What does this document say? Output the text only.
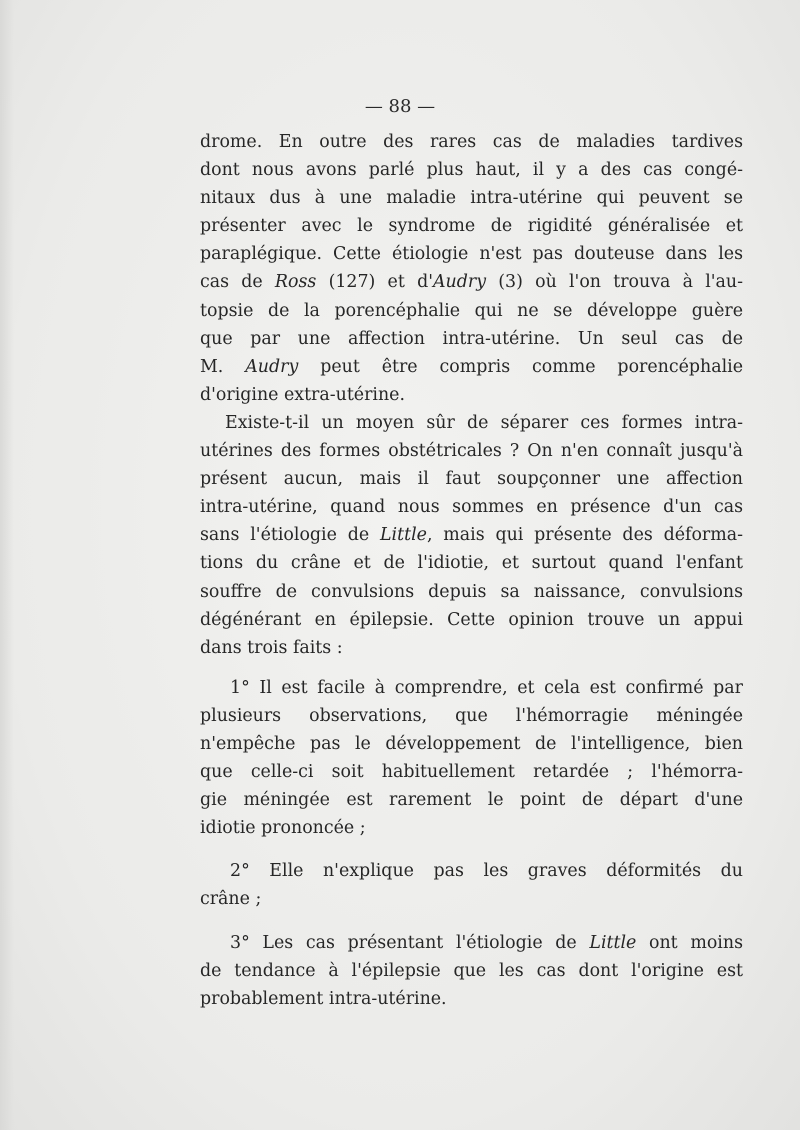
— 88 —
drome. En outre des rares cas de maladies tardives
dont nous avons parlé plus haut, il y a des cas congé-
nitaux dus à une maladie intra-utérine qui peuvent se
présenter avec le syndrome de rigidité généralisée et
paraplégique. Cette étiologie n'est pas douteuse dans les
cas de Ross (127) et d'Audry (3) où l'on trouva à l'au-
topsie de la porencéphalie qui ne se développe guère
que par une affection intra-utérine. Un seul cas de
M. Audry peut être compris comme porencéphalie
d'origine extra-utérine.
Existe-t-il un moyen sûr de séparer ces formes intra-
utérines des formes obstétricales ? On n'en connaît jusqu'à
présent aucun, mais il faut soupçonner une affection
intra-utérine, quand nous sommes en présence d'un cas
sans l'étiologie de Little, mais qui présente des déforma-
tions du crâne et de l'idiotie, et surtout quand l'enfant
souffre de convulsions depuis sa naissance, convulsions
dégénérant en épilepsie. Cette opinion trouve un appui
dans trois faits :
1° Il est facile à comprendre, et cela est confirmé par
plusieurs observations, que l'hémorragie méningée
n'empêche pas le développement de l'intelligence, bien
que celle-ci soit habituellement retardée ; l'hémorra-
gie méningée est rarement le point de départ d'une
idiotie prononcée ;
2° Elle n'explique pas les graves déformités du
crâne ;
3° Les cas présentant l'étiologie de Little ont moins
de tendance à l'épilepsie que les cas dont l'origine est
probablement intra-utérine.
